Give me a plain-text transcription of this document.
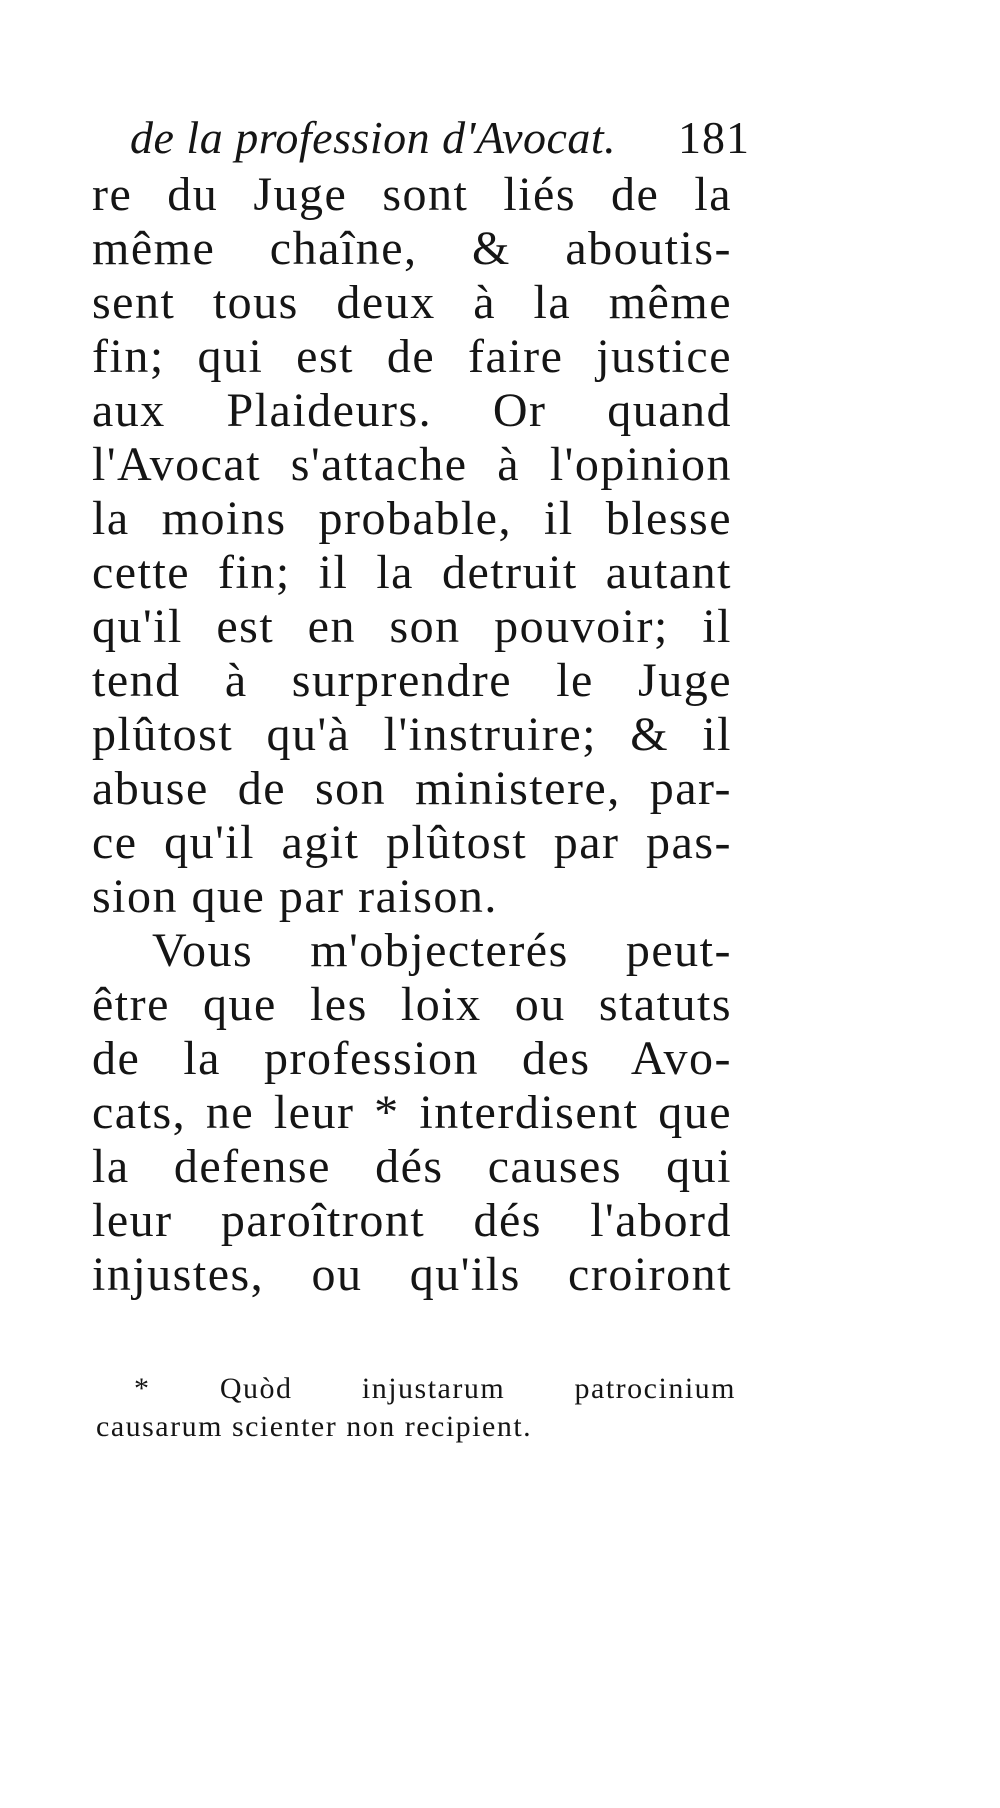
de la profession d'Avocat. 181
re du Juge sont liés de la
même chaîne, & aboutis-
sent tous deux à la même
fin; qui est de faire justice
aux Plaideurs. Or quand
l'Avocat s'attache à l'opinion
la moins probable, il blesse
cette fin; il la detruit autant
qu'il est en son pouvoir; il
tend à surprendre le Juge
plûtost qu'à l'instruire; & il
abuse de son ministere, par-
ce qu'il agit plûtost par pas-
sion que par raison.
Vous m'objecterés peut-
être que les loix ou statuts
de la profession des Avo-
cats, ne leur * interdisent que
la defense dés causes qui
leur paroîtront dés l'abord
injustes, ou qu'ils croiront
* Quòd injustarum patrocinium
causarum scienter non recipient.
